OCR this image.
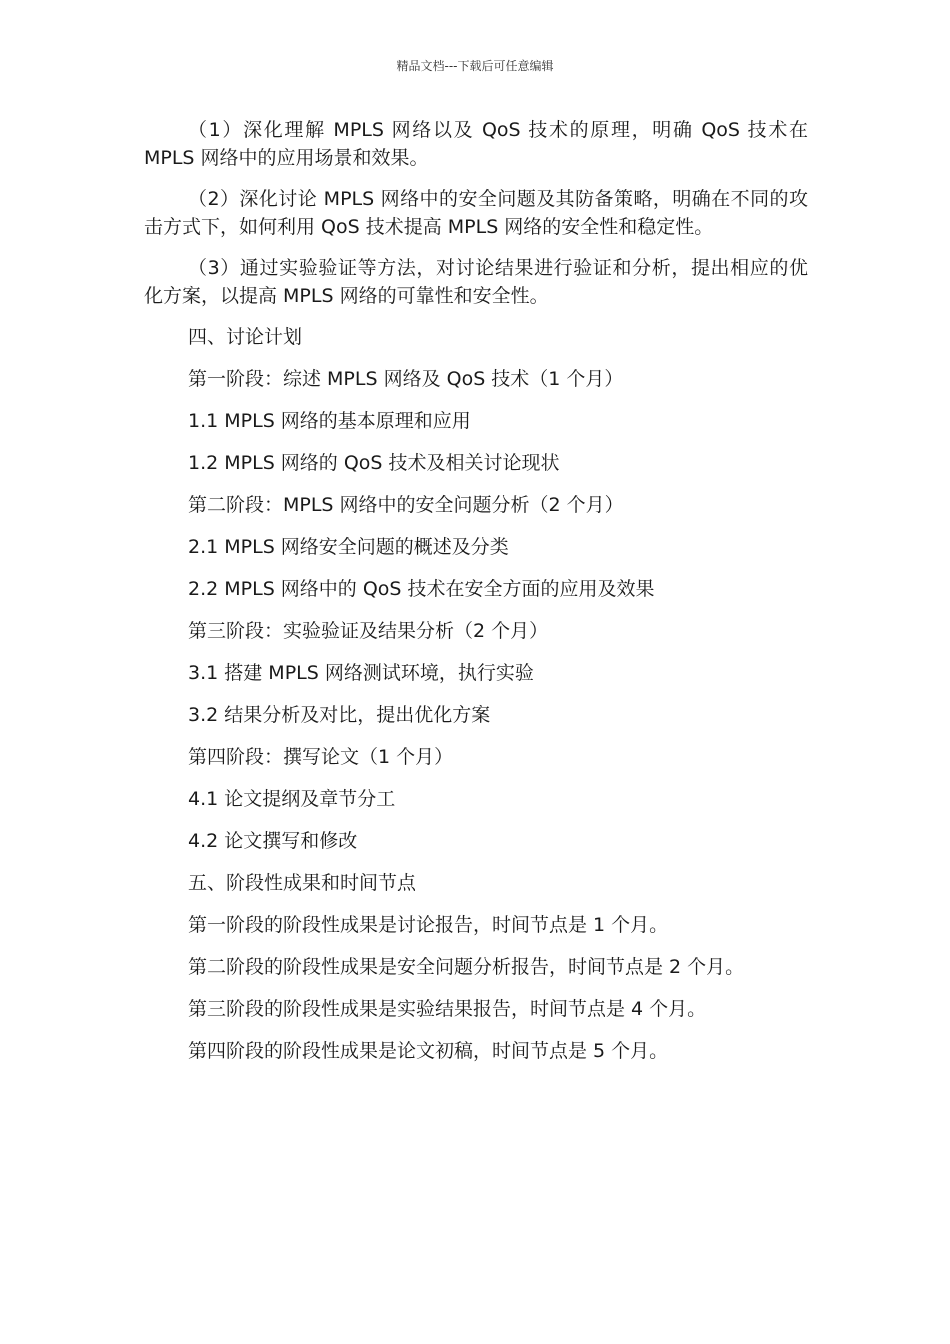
精品文档---下载后可任意编辑

（1）深化理解 MPLS 网络以及 QoS 技术的原理，明确 QoS 技术在 MPLS 网络中的应用场景和效果。

（2）深化讨论 MPLS 网络中的安全问题及其防备策略，明确在不同的攻击方式下，如何利用 QoS 技术提高 MPLS 网络的安全性和稳定性。

（3）通过实验验证等方法，对讨论结果进行验证和分析，提出相应的优化方案，以提高 MPLS 网络的可靠性和安全性。

四、讨论计划
第一阶段：综述 MPLS 网络及 QoS 技术（1 个月）
1.1 MPLS 网络的基本原理和应用
1.2 MPLS 网络的 QoS 技术及相关讨论现状
第二阶段：MPLS 网络中的安全问题分析（2 个月）
2.1 MPLS 网络安全问题的概述及分类
2.2 MPLS 网络中的 QoS 技术在安全方面的应用及效果
第三阶段：实验验证及结果分析（2 个月）
3.1 搭建 MPLS 网络测试环境，执行实验
3.2 结果分析及对比，提出优化方案
第四阶段：撰写论文（1 个月）
4.1 论文提纲及章节分工
4.2 论文撰写和修改
五、阶段性成果和时间节点
第一阶段的阶段性成果是讨论报告，时间节点是 1 个月。
第二阶段的阶段性成果是安全问题分析报告，时间节点是 2 个月。
第三阶段的阶段性成果是实验结果报告，时间节点是 4 个月。
第四阶段的阶段性成果是论文初稿，时间节点是 5 个月。
